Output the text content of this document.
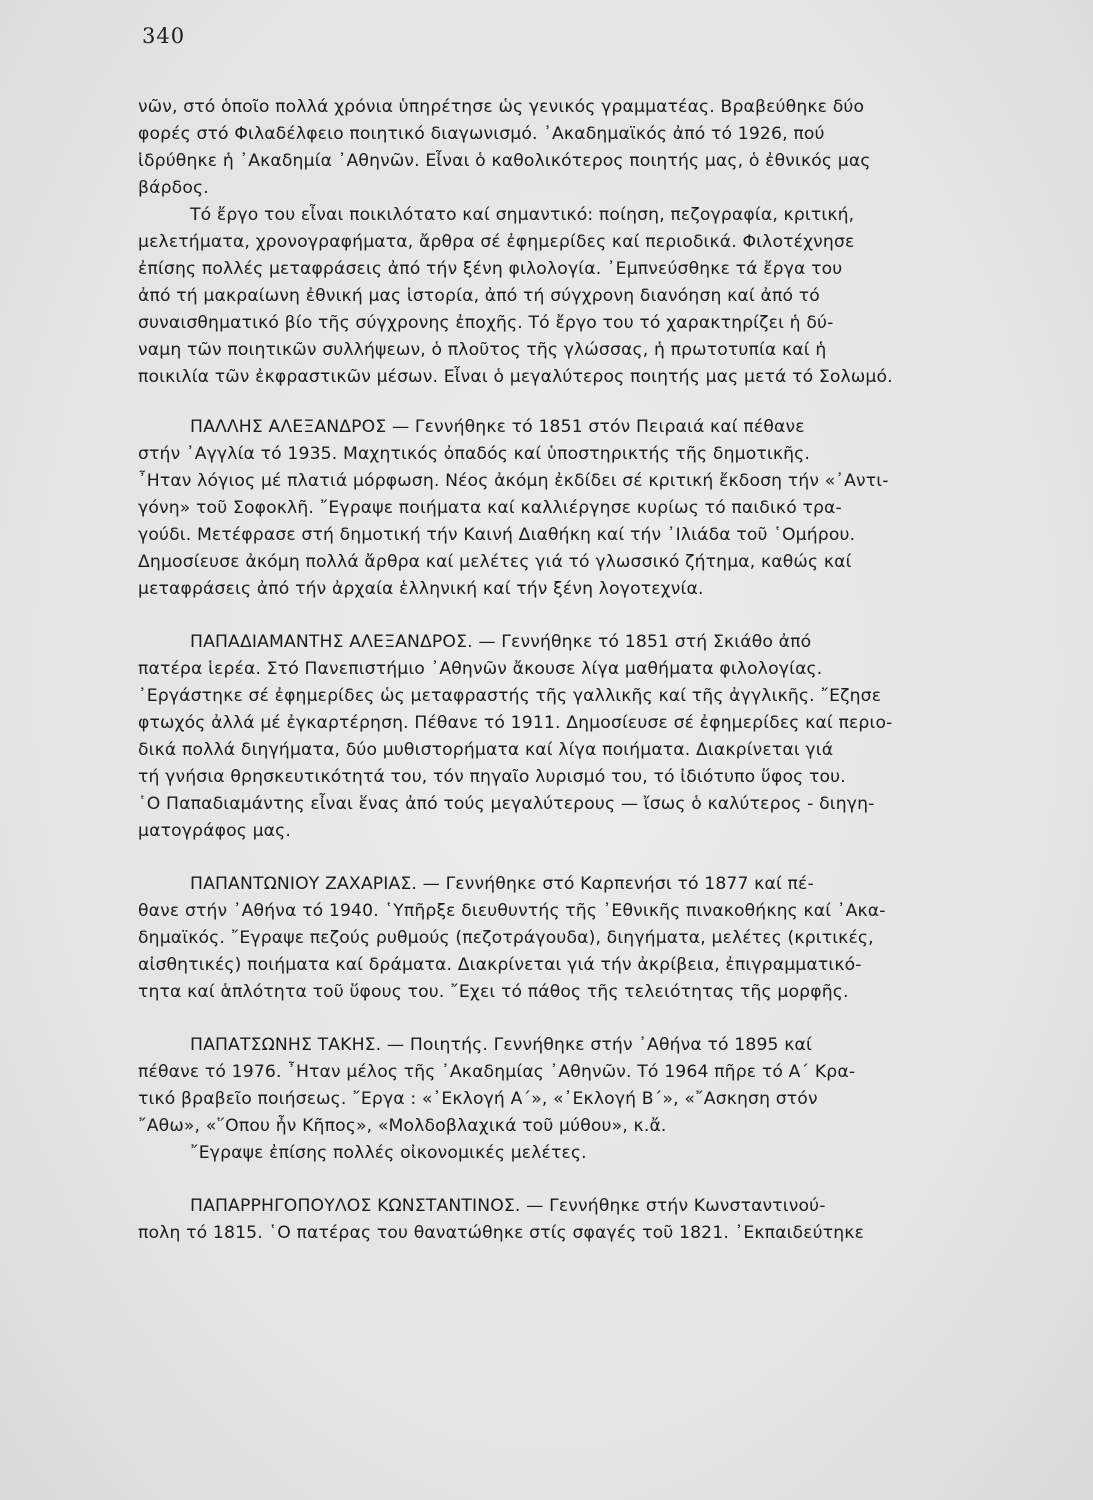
340

νῶν, στό ὁποῖο πολλά χρόνια ὑπηρέτησε ὡς γενικός γραμματέας. Βραβεύθηκε δύο
φορές στό Φιλαδέλφειο ποιητικό διαγωνισμό. ᾿Ακαδημαϊκός ἀπό τό 1926, πού
ἱδρύθηκε ἡ ᾿Ακαδημία ᾿Αθηνῶν. Εἶναι ὁ καθολικότερος ποιητής μας, ὁ ἐθνικός μας
βάρδος.

Τό ἔργο του εἶναι ποικιλότατο καί σημαντικό: ποίηση, πεζογραφία, κριτική,
μελετήματα, χρονογραφήματα, ἄρθρα σέ ἐφημερίδες καί περιοδικά. Φιλοτέχνησε
ἐπίσης πολλές μεταφράσεις ἀπό τήν ξένη φιλολογία. ᾿Εμπνεύσθηκε τά ἔργα του
ἀπό τή μακραίωνη ἐθνική μας ἱστορία, ἀπό τή σύγχρονη διανόηση καί ἀπό τό
συναισθηματικό βίο τῆς σύγχρονης ἐποχῆς. Τό ἔργο του τό χαρακτηρίζει ἡ δύ-
ναμη τῶν ποιητικῶν συλλήψεων, ὁ πλοῦτος τῆς γλώσσας, ἡ πρωτοτυπία καί ἡ
ποικιλία τῶν ἐκφραστικῶν μέσων. Εἶναι ὁ μεγαλύτερος ποιητής μας μετά τό Σολωμό.

ΠΑΛΛΗΣ ΑΛΕΞΑΝΔΡΟΣ — Γεννήθηκε τό 1851 στόν Πειραιά καί πέθανε
στήν ᾿Αγγλία τό 1935. Μαχητικός ὀπαδός καί ὑποστηρικτής τῆς δημοτικῆς.
῏Ηταν λόγιος μέ πλατιά μόρφωση. Νέος ἀκόμη ἐκδίδει σέ κριτική ἔκδοση τήν «᾿Αντι-
γόνη» τοῦ Σοφοκλῆ. ῎Εγραψε ποιήματα καί καλλιέργησε κυρίως τό παιδικό τρα-
γούδι. Μετέφρασε στή δημοτική τήν Καινή Διαθήκη καί τήν ᾿Ιλιάδα τοῦ ῾Ομήρου.
Δημοσίευσε ἀκόμη πολλά ἄρθρα καί μελέτες γιά τό γλωσσικό ζήτημα, καθώς καί
μεταφράσεις ἀπό τήν ἀρχαία ἑλληνική καί τήν ξένη λογοτεχνία.

ΠΑΠΑΔΙΑΜΑΝΤΗΣ ΑΛΕΞΑΝΔΡΟΣ. — Γεννήθηκε τό 1851 στή Σκιάθο ἀπό
πατέρα ἱερέα. Στό Πανεπιστήμιο ᾿Αθηνῶν ἄκουσε λίγα μαθήματα φιλολογίας.
᾿Εργάστηκε σέ ἐφημερίδες ὡς μεταφραστής τῆς γαλλικῆς καί τῆς ἀγγλικῆς. ῎Εζησε
φτωχός ἀλλά μέ ἐγκαρτέρηση. Πέθανε τό 1911. Δημοσίευσε σέ ἐφημερίδες καί περιο-
δικά πολλά διηγήματα, δύο μυθιστορήματα καί λίγα ποιήματα. Διακρίνεται γιά
τή γνήσια θρησκευτικότητά του, τόν πηγαῖο λυρισμό του, τό ἰδιότυπο ὕφος του.
῾Ο Παπαδιαμάντης εἶναι ἕνας ἀπό τούς μεγαλύτερους — ἴσως ὁ καλύτερος - διηγη-
ματογράφος μας.

ΠΑΠΑΝΤΩΝΙΟΥ ΖΑΧΑΡΙΑΣ. — Γεννήθηκε στό Καρπενήσι τό 1877 καί πέ-
θανε στήν ᾿Αθήνα τό 1940. ῾Υπῆρξε διευθυντής τῆς ᾿Εθνικῆς πινακοθήκης καί ᾿Ακα-
δημαϊκός. ῎Εγραψε πεζούς ρυθμούς (πεζοτράγουδα), διηγήματα, μελέτες (κριτικές,
αἰσθητικές) ποιήματα καί δράματα. Διακρίνεται γιά τήν ἀκρίβεια, ἐπιγραμματικό-
τητα καί ἁπλότητα τοῦ ὕφους του. ῎Εχει τό πάθος τῆς τελειότητας τῆς μορφῆς.

ΠΑΠΑΤΣΩΝΗΣ ΤΑΚΗΣ. — Ποιητής. Γεννήθηκε στήν ᾿Αθήνα τό 1895 καί
πέθανε τό 1976. ῏Ηταν μέλος τῆς ᾿Ακαδημίας ᾿Αθηνῶν. Τό 1964 πῆρε τό Α΄ Κρα-
τικό βραβεῖο ποιήσεως. ῎Εργα : «᾿Εκλογή Α΄», «᾿Εκλογή Β΄», «῎Ασκηση στόν
῎Αθω», «῞Οπου ἦν Κῆπος», «Μολδοβλαχικά τοῦ μύθου», κ.ἄ.
῎Εγραψε ἐπίσης πολλές οἰκονομικές μελέτες.

ΠΑΠΑΡΡΗΓΟΠΟΥΛΟΣ ΚΩΝΣΤΑΝΤΙΝΟΣ. — Γεννήθηκε στήν Κωνσταντινού-
πολη τό 1815. ῾Ο πατέρας του θανατώθηκε στίς σφαγές τοῦ 1821. ᾿Εκπαιδεύτηκε
